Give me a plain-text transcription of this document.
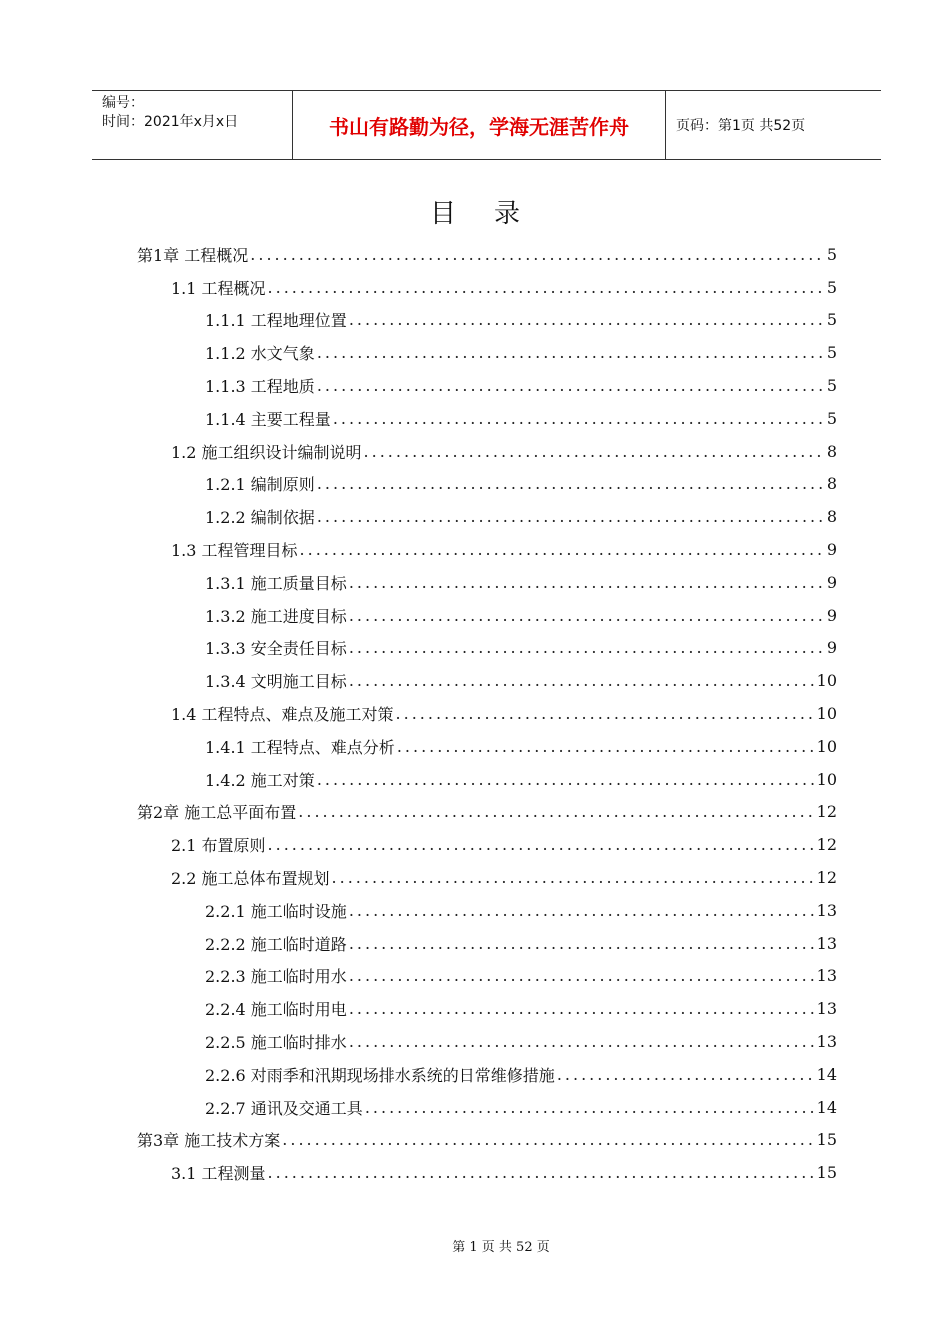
编号：
时间：2021年x月x日	书山有路勤为径，学海无涯苦作舟	页码：第1页 共52页
目录
第1章 工程概况 .....	5
1.1 工程概况 .....	5
1.1.1 工程地理位置 .....	5
1.1.2 水文气象 .....	5
1.1.3 工程地质 .....	5
1.1.4 主要工程量 .....	5
1.2 施工组织设计编制说明 .....	8
1.2.1 编制原则 .....	8
1.2.2 编制依据 .....	8
1.3 工程管理目标 .....	9
1.3.1 施工质量目标 .....	9
1.3.2 施工进度目标 .....	9
1.3.3 安全责任目标 .....	9
1.3.4 文明施工目标 .....	10
1.4 工程特点、难点及施工对策 .....	10
1.4.1 工程特点、难点分析 .....	10
1.4.2 施工对策 .....	10
第2章 施工总平面布置 .....	12
2.1 布置原则 .....	12
2.2 施工总体布置规划 .....	12
2.2.1 施工临时设施 .....	13
2.2.2 施工临时道路 .....	13
2.2.3 施工临时用水 .....	13
2.2.4 施工临时用电 .....	13
2.2.5 施工临时排水 .....	13
2.2.6 对雨季和汛期现场排水系统的日常维修措施 .....	14
2.2.7 通讯及交通工具 .....	14
第3章 施工技术方案 .....	15
3.1 工程测量 .....	15
第 1 页 共 52 页
